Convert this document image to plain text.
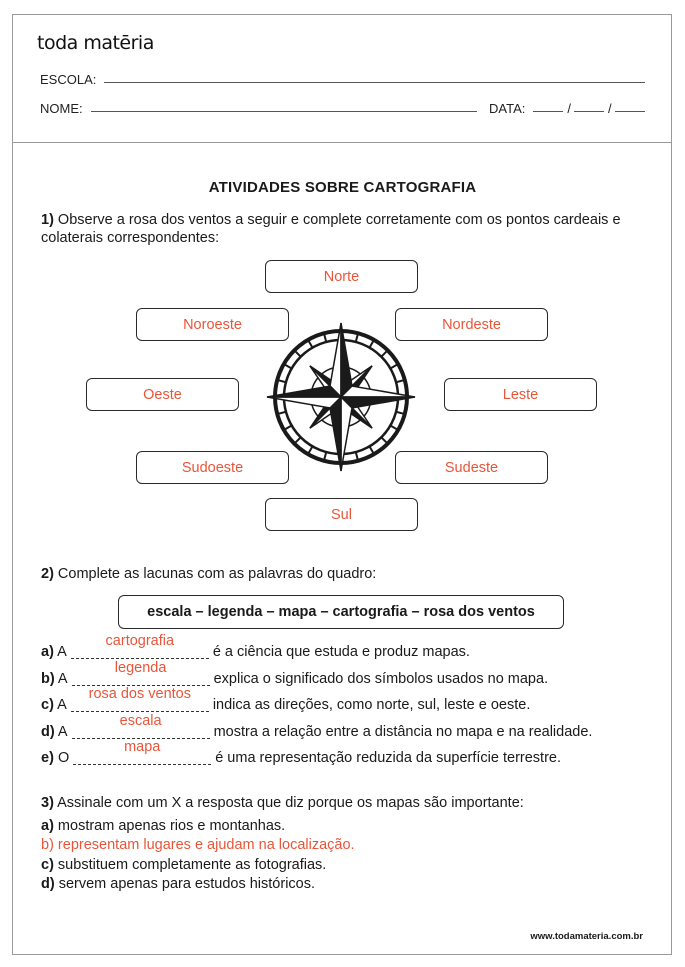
toda matēria
ESCOLA:
NOME:	DATA:	/	/
ATIVIDADES SOBRE CARTOGRAFIA
1) Observe a rosa dos ventos a seguir e complete corretamente com os pontos cardeais e colaterais correspondentes:
Norte
Noroeste	Nordeste
Oeste	Leste
Sudoeste	Sudeste
Sul
2) Complete as lacunas com as palavras do quadro:
escala – legenda – mapa – cartografia – rosa dos ventos
a) A
cartografia
é a ciência que estuda e produz mapas.
b) A
legenda
explica o significado dos símbolos usados no mapa.
c) A
rosa dos ventos
indica as direções, como norte, sul, leste e oeste.
d) A
escala
mostra a relação entre a distância no mapa e na realidade.
e) O
mapa
é uma representação reduzida da superfície terrestre.
3) Assinale com um X a resposta que diz porque os mapas são importante:
a) mostram apenas rios e montanhas.
b) representam lugares e ajudam na localização.
c) substituem completamente as fotografias.
d) servem apenas para estudos históricos.
www.todamateria.com.br
